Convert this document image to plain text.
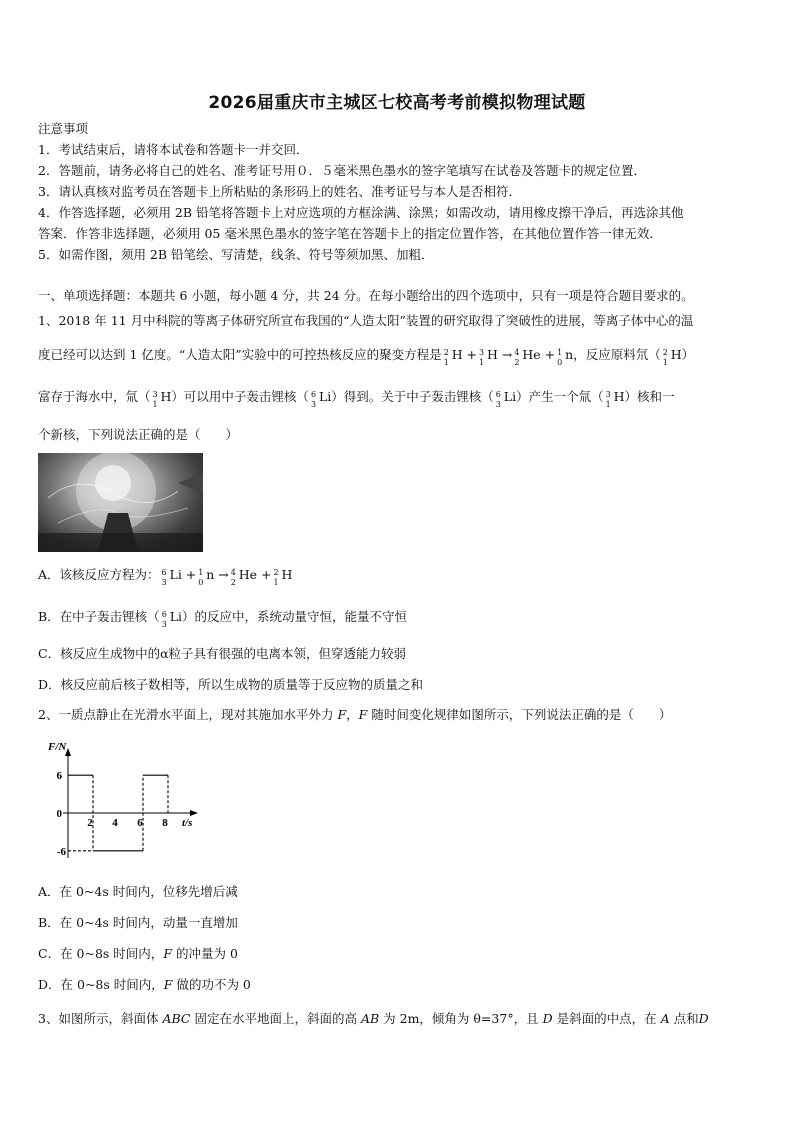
2026届重庆市主城区七校高考考前模拟物理试题
注意事项
1．考试结束后，请将本试卷和答题卡一并交回．
2．答题前，请务必将自己的姓名、准考证号用０．５毫米黑色墨水的签字笔填写在试卷及答题卡的规定位置．
3．请认真核对监考员在答题卡上所粘贴的条形码上的姓名、准考证号与本人是否相符．
4．作答选择题，必须用 2B 铅笔将答题卡上对应选项的方框涂满、涂黑；如需改动，请用橡皮擦干净后，再选涂其他
答案．作答非选择题，必须用 05 毫米黑色墨水的签字笔在答题卡上的指定位置作答，在其他位置作答一律无效．
5．如需作图，须用 2B 铅笔绘、写清楚，线条、符号等须加黑、加粗．
一、单项选择题：本题共 6 小题，每小题 4 分，共 24 分。在每小题给出的四个选项中，只有一项是符合题目要求的。
1、2018 年 11 月中科院的等离子体研究所宣布我国的“人造太阳”装置的研究取得了突破性的进展，等离子体中心的温
度已经可以达到 1 亿度。“人造太阳”实验中的可控热核反应的聚变方程是 2
1
H + 3
1
H → 4
2
He + 1
0
n，反应原料氘（ 2
1
H）
富存于海水中，氚（ 3
1
H）可以用中子轰击锂核（ 6
3
Li）得到。关于中子轰击锂核（ 6
3
Li）产生一个氚（ 3
1
H）核和一
个新核，下列说法正确的是（　　）
A．该核反应方程为： 6
3
Li + 1
0
n → 4
2
He + 2
1
H
B．在中子轰击锂核（ 6
3
Li）的反应中，系统动量守恒，能量不守恒
C．核反应生成物中的α粒子具有很强的电离本领，但穿透能力较弱
D．核反应前后核子数相等，所以生成物的质量等于反应物的质量之和
2、一质点静止在光滑水平面上，现对其施加水平外力 F，F 随时间变化规律如图所示，下列说法正确的是（　　）
F/N
t/s
6
0
-6
2 4 6 8
A．在 0~4s 时间内，位移先增后减
B．在 0~4s 时间内，动量一直增加
C．在 0~8s 时间内，F 的冲量为 0
D．在 0~8s 时间内，F 做的功不为 0
3、如图所示，斜面体 ABC 固定在水平地面上，斜面的高 AB 为 2m，倾角为 θ=37°，且 D 是斜面的中点，在 A 点和D
